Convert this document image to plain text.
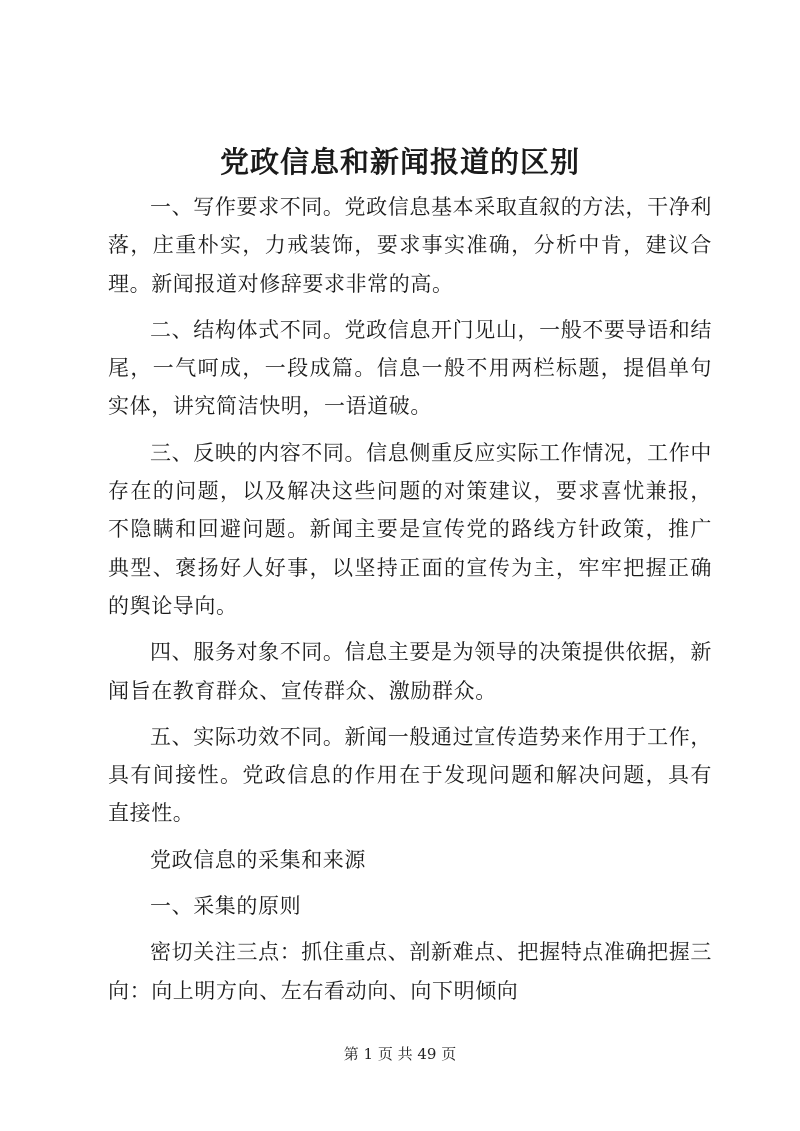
党政信息和新闻报道的区别

一、写作要求不同。党政信息基本采取直叙的方法，干净利落，庄重朴实，力戒装饰，要求事实准确，分析中肯，建议合理。新闻报道对修辞要求非常的高。

二、结构体式不同。党政信息开门见山，一般不要导语和结尾，一气呵成，一段成篇。信息一般不用两栏标题，提倡单句实体，讲究简洁快明，一语道破。

三、反映的内容不同。信息侧重反应实际工作情况，工作中存在的问题，以及解决这些问题的对策建议，要求喜忧兼报，不隐瞒和回避问题。新闻主要是宣传党的路线方针政策，推广典型、褒扬好人好事，以坚持正面的宣传为主，牢牢把握正确的舆论导向。

四、服务对象不同。信息主要是为领导的决策提供依据，新闻旨在教育群众、宣传群众、激励群众。

五、实际功效不同。新闻一般通过宣传造势来作用于工作，具有间接性。党政信息的作用在于发现问题和解决问题，具有直接性。

党政信息的采集和来源

一、采集的原则

密切关注三点：抓住重点、剖新难点、把握特点准确把握三向：向上明方向、左右看动向、向下明倾向

第 1 页 共 49 页
